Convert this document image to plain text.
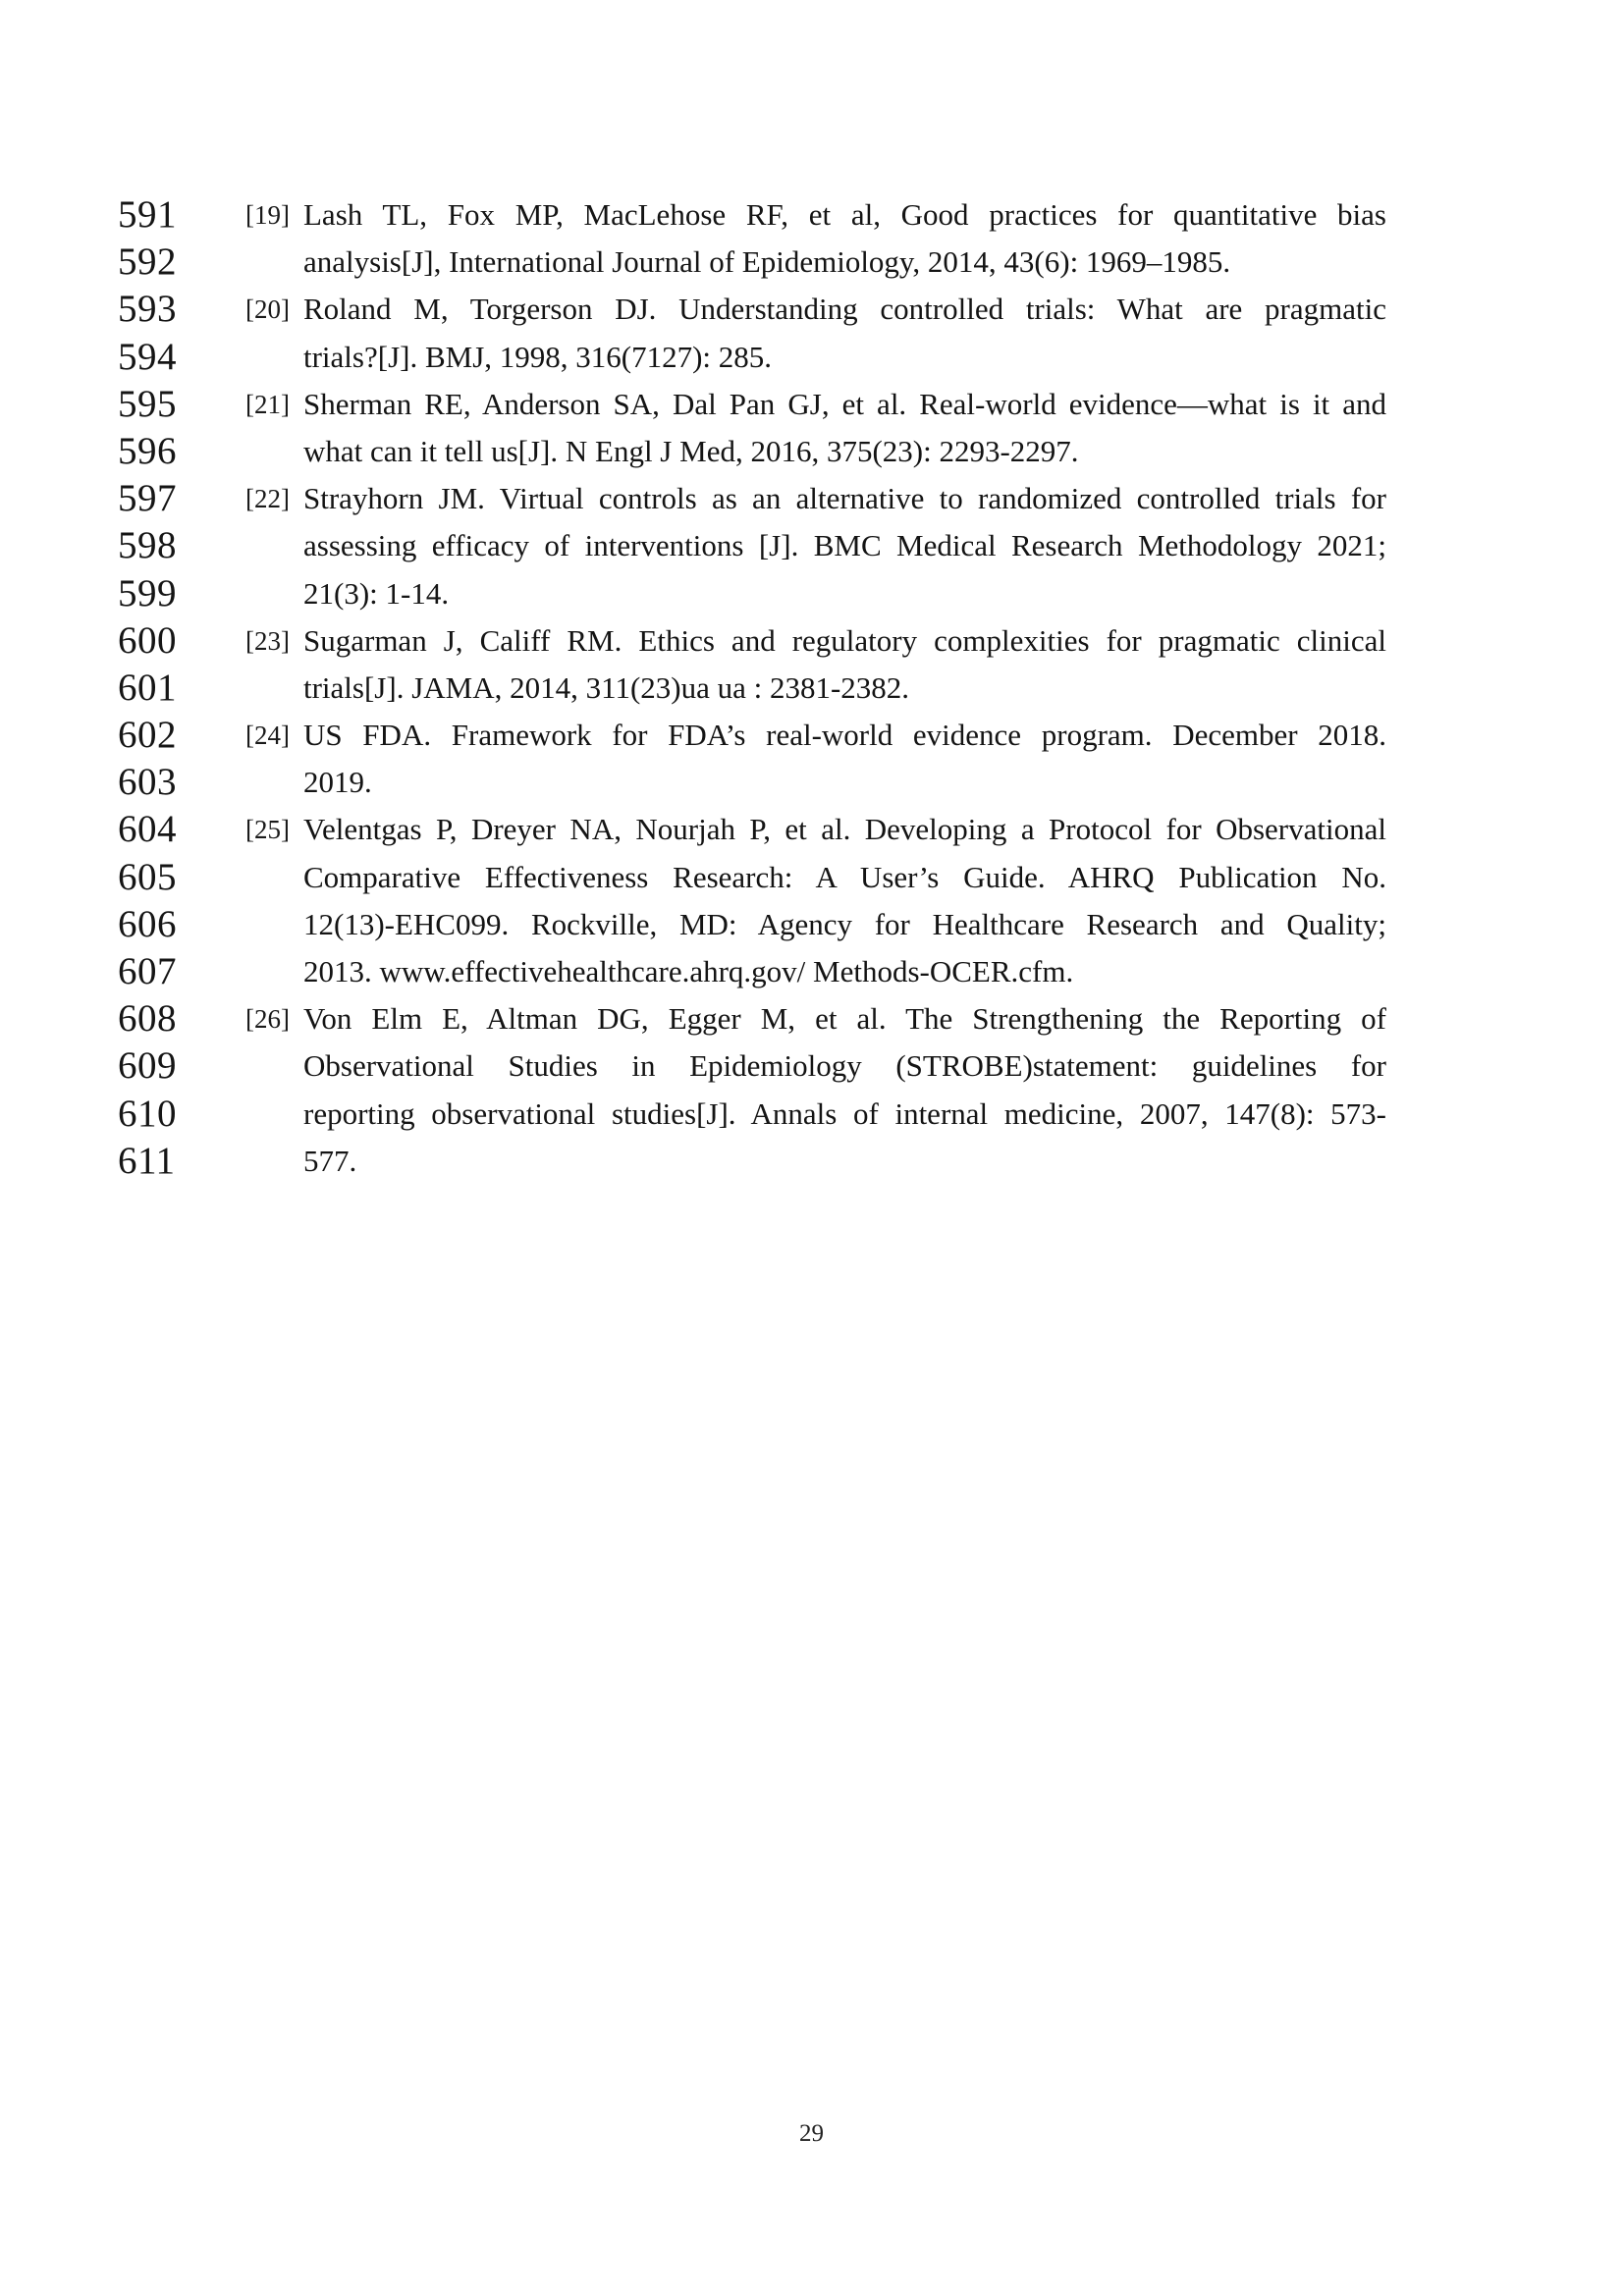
591
592
593
594
595
596
597
598
599
600
601
602
603
604
605
606
607
608
609
610
611
[19] Lash TL, Fox MP, MacLehose RF, et al, Good practices for quantitative bias
analysis[J], International Journal of Epidemiology, 2014, 43(6): 1969–1985.
[20] Roland M, Torgerson DJ. Understanding controlled trials: What are pragmatic
trials?[J]. BMJ, 1998, 316(7127): 285.
[21] Sherman RE, Anderson SA, Dal Pan GJ, et al. Real-world evidence—what is it and
what can it tell us[J]. N Engl J Med, 2016, 375(23): 2293-2297.
[22] Strayhorn JM. Virtual controls as an alternative to randomized controlled trials for
assessing efficacy of interventions [J]. BMC Medical Research Methodology 2021;
21(3): 1-14.
[23] Sugarman J, Califf RM. Ethics and regulatory complexities for pragmatic clinical
trials[J]. JAMA, 2014, 311(23)ua ua : 2381-2382.
[24] US FDA. Framework for FDA’s real-world evidence program. December 2018.
2019.
[25] Velentgas P, Dreyer NA, Nourjah P, et al. Developing a Protocol for Observational
Comparative Effectiveness Research: A User’s Guide. AHRQ Publication No.
12(13)-EHC099. Rockville, MD: Agency for Healthcare Research and Quality;
2013. www.effectivehealthcare.ahrq.gov/ Methods-OCER.cfm.
[26] Von Elm E, Altman DG, Egger M, et al. The Strengthening the Reporting of
Observational Studies in Epidemiology (STROBE)statement: guidelines for
reporting observational studies[J]. Annals of internal medicine, 2007, 147(8): 573-
577.
29
